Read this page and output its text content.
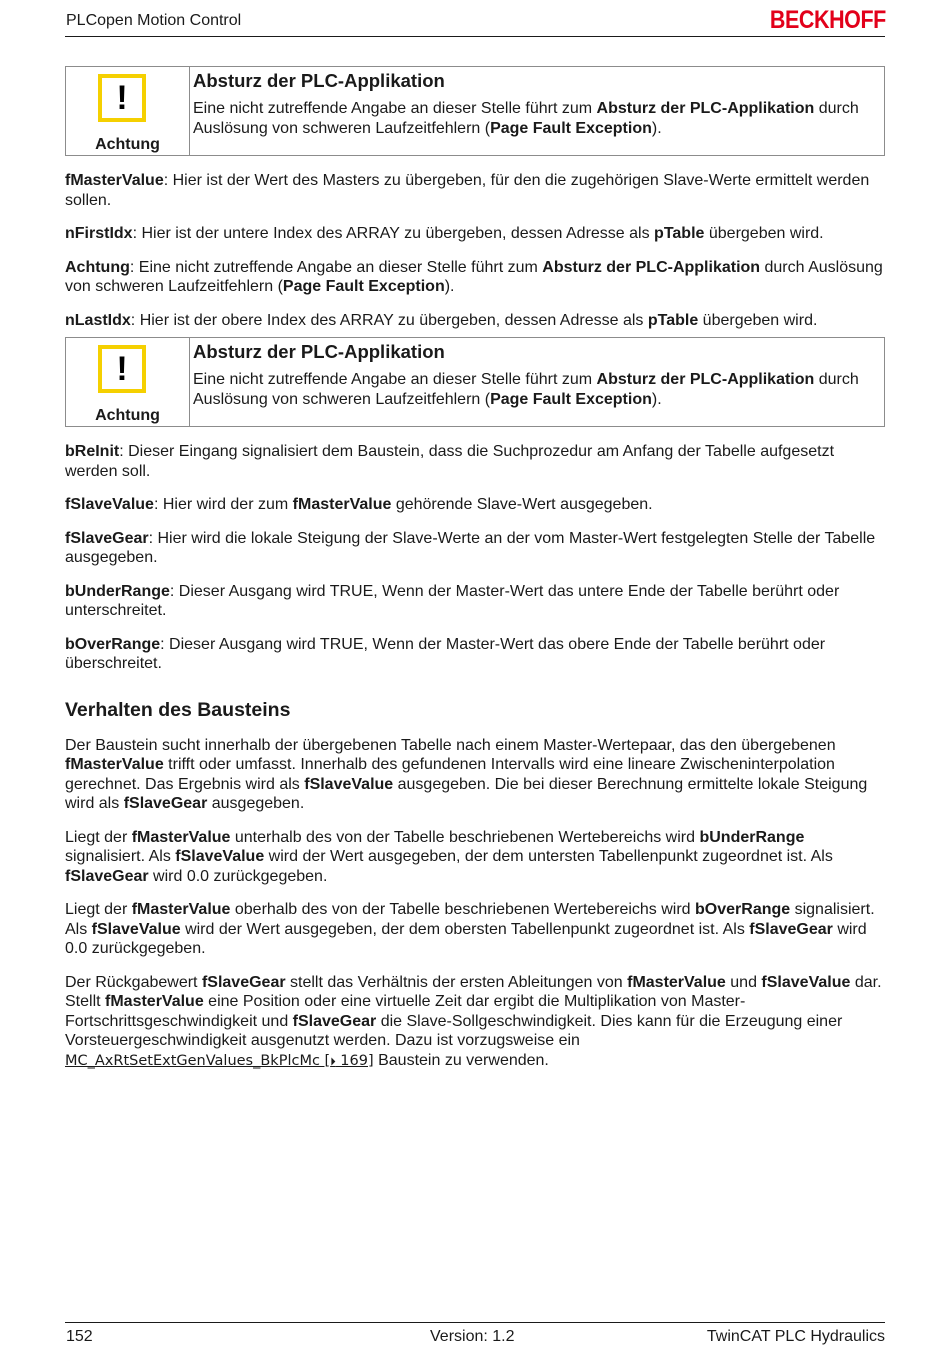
PLCopen Motion Control	BECKHOFF
!
Achtung
Absturz der PLC-Applikation

Eine nicht zutreffende Angabe an dieser Stelle führt zum Absturz der PLC-Applikation durch Auslösung von schweren Laufzeitfehlern (Page Fault Exception).

fMasterValue: Hier ist der Wert des Masters zu übergeben, für den die zugehörigen Slave-Werte ermittelt werden sollen.

nFirstIdx: Hier ist der untere Index des ARRAY zu übergeben, dessen Adresse als pTable übergeben wird.

Achtung: Eine nicht zutreffende Angabe an dieser Stelle führt zum Absturz der PLC-Applikation durch Auslösung von schweren Laufzeitfehlern (Page Fault Exception).

nLastIdx: Hier ist der obere Index des ARRAY zu übergeben, dessen Adresse als pTable übergeben wird.

!
Achtung
Absturz der PLC-Applikation

Eine nicht zutreffende Angabe an dieser Stelle führt zum Absturz der PLC-Applikation durch Auslösung von schweren Laufzeitfehlern (Page Fault Exception).

bReInit: Dieser Eingang signalisiert dem Baustein, dass die Suchprozedur am Anfang der Tabelle aufgesetzt werden soll.

fSlaveValue: Hier wird der zum fMasterValue gehörende Slave-Wert ausgegeben.

fSlaveGear: Hier wird die lokale Steigung der Slave-Werte an der vom Master-Wert festgelegten Stelle der Tabelle ausgegeben.

bUnderRange: Dieser Ausgang wird TRUE, Wenn der Master-Wert das untere Ende der Tabelle berührt oder unterschreitet.

bOverRange: Dieser Ausgang wird TRUE, Wenn der Master-Wert das obere Ende der Tabelle berührt oder überschreitet.

Verhalten des Bausteins

Der Baustein sucht innerhalb der übergebenen Tabelle nach einem Master-Wertepaar, das den übergebenen fMasterValue trifft oder umfasst. Innerhalb des gefundenen Intervalls wird eine lineare Zwischeninterpolation gerechnet. Das Ergebnis wird als fSlaveValue ausgegeben. Die bei dieser Berechnung ermittelte lokale Steigung wird als fSlaveGear ausgegeben.

Liegt der fMasterValue unterhalb des von der Tabelle beschriebenen Wertebereichs wird bUnderRange signalisiert. Als fSlaveValue wird der Wert ausgegeben, der dem untersten Tabellenpunkt zugeordnet ist. Als fSlaveGear wird 0.0 zurückgegeben.

Liegt der fMasterValue oberhalb des von der Tabelle beschriebenen Wertebereichs wird bOverRange signalisiert. Als fSlaveValue wird der Wert ausgegeben, der dem obersten Tabellenpunkt zugeordnet ist. Als fSlaveGear wird 0.0 zurückgegeben.

Der Rückgabewert fSlaveGear stellt das Verhältnis der ersten Ableitungen von fMasterValue und fSlaveValue dar. Stellt fMasterValue eine Position oder eine virtuelle Zeit dar ergibt die Multiplikation von Master-Fortschrittsgeschwindigkeit und fSlaveGear die Slave-Sollgeschwindigkeit. Dies kann für die Erzeugung einer Vorsteuergeschwindigkeit ausgenutzt werden. Dazu ist vorzugsweise ein
MC_AxRtSetExtGenValues_BkPlcMc [⏵ 169] Baustein zu verwenden.

152	Version: 1.2	TwinCAT PLC Hydraulics
